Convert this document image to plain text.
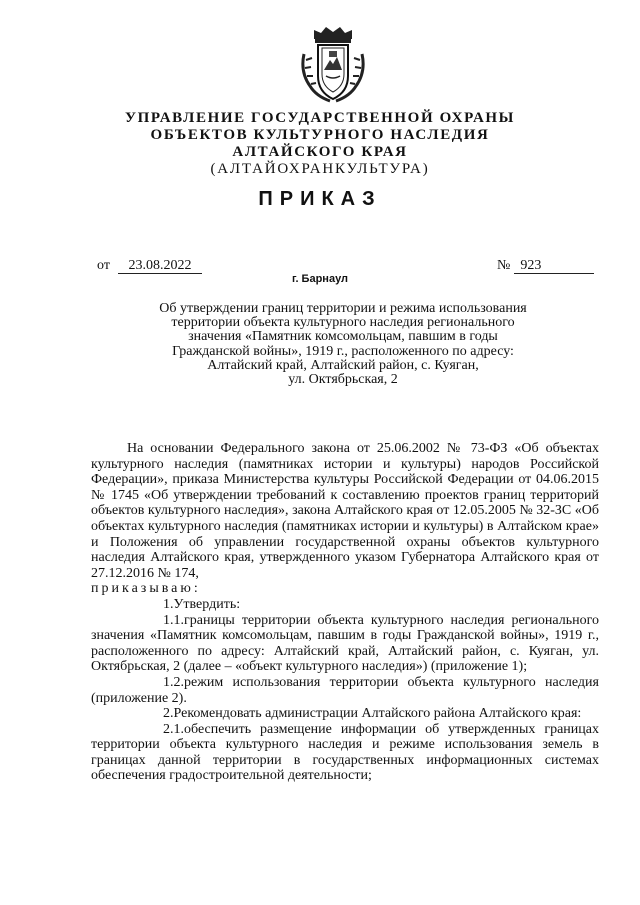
УПРАВЛЕНИЕ ГОСУДАРСТВЕННОЙ ОХРАНЫ
ОБЪЕКТОВ КУЛЬТУРНОГО НАСЛЕДИЯ
АЛТАЙСКОГО КРАЯ
(АЛТАЙОХРАНКУЛЬТУРА)
ПРИКАЗ
от 23.08.2022	№ 923
г. Барнаул
Об утверждении границ территории и режима использования
территории объекта культурного наследия регионального
значения «Памятник комсомольцам, павшим в годы
Гражданской войны», 1919 г., расположенного по адресу:
Алтайский край, Алтайский район, с. Куяган,
ул. Октябрьская, 2

На основании Федерального закона от 25.06.2002 № 73-ФЗ «Об объектах культурного наследия (памятниках истории и культуры) народов Российской Федерации», приказа Министерства культуры Российской Федерации от 04.06.2015 № 1745 «Об утверждении требований к составлению проектов границ территорий объектов культурного наследия», закона Алтайского края от 12.05.2005 № 32-ЗС «Об объектах культурного наследия (памятниках истории и культуры) в Алтайском крае» и Положения об управлении государственной охраны объектов культурного наследия Алтайского края, утвержденного указом Губернатора Алтайского края от 27.12.2016 № 174,

приказываю:

1.Утвердить:

1.1.границы территории объекта культурного наследия регионального значения «Памятник комсомольцам, павшим в годы Гражданской войны», 1919 г., расположенного по адресу: Алтайский край, Алтайский район, с. Куяган, ул. Октябрьская, 2 (далее – «объект культурного наследия») (приложение 1);

1.2.режим использования территории объекта культурного наследия (приложение 2).

2.Рекомендовать администрации Алтайского района Алтайского края:

2.1.обеспечить размещение информации об утвержденных границах территории объекта культурного наследия и режиме использования земель в границах данной территории в государственных информационных системах обеспечения градостроительной деятельности;
